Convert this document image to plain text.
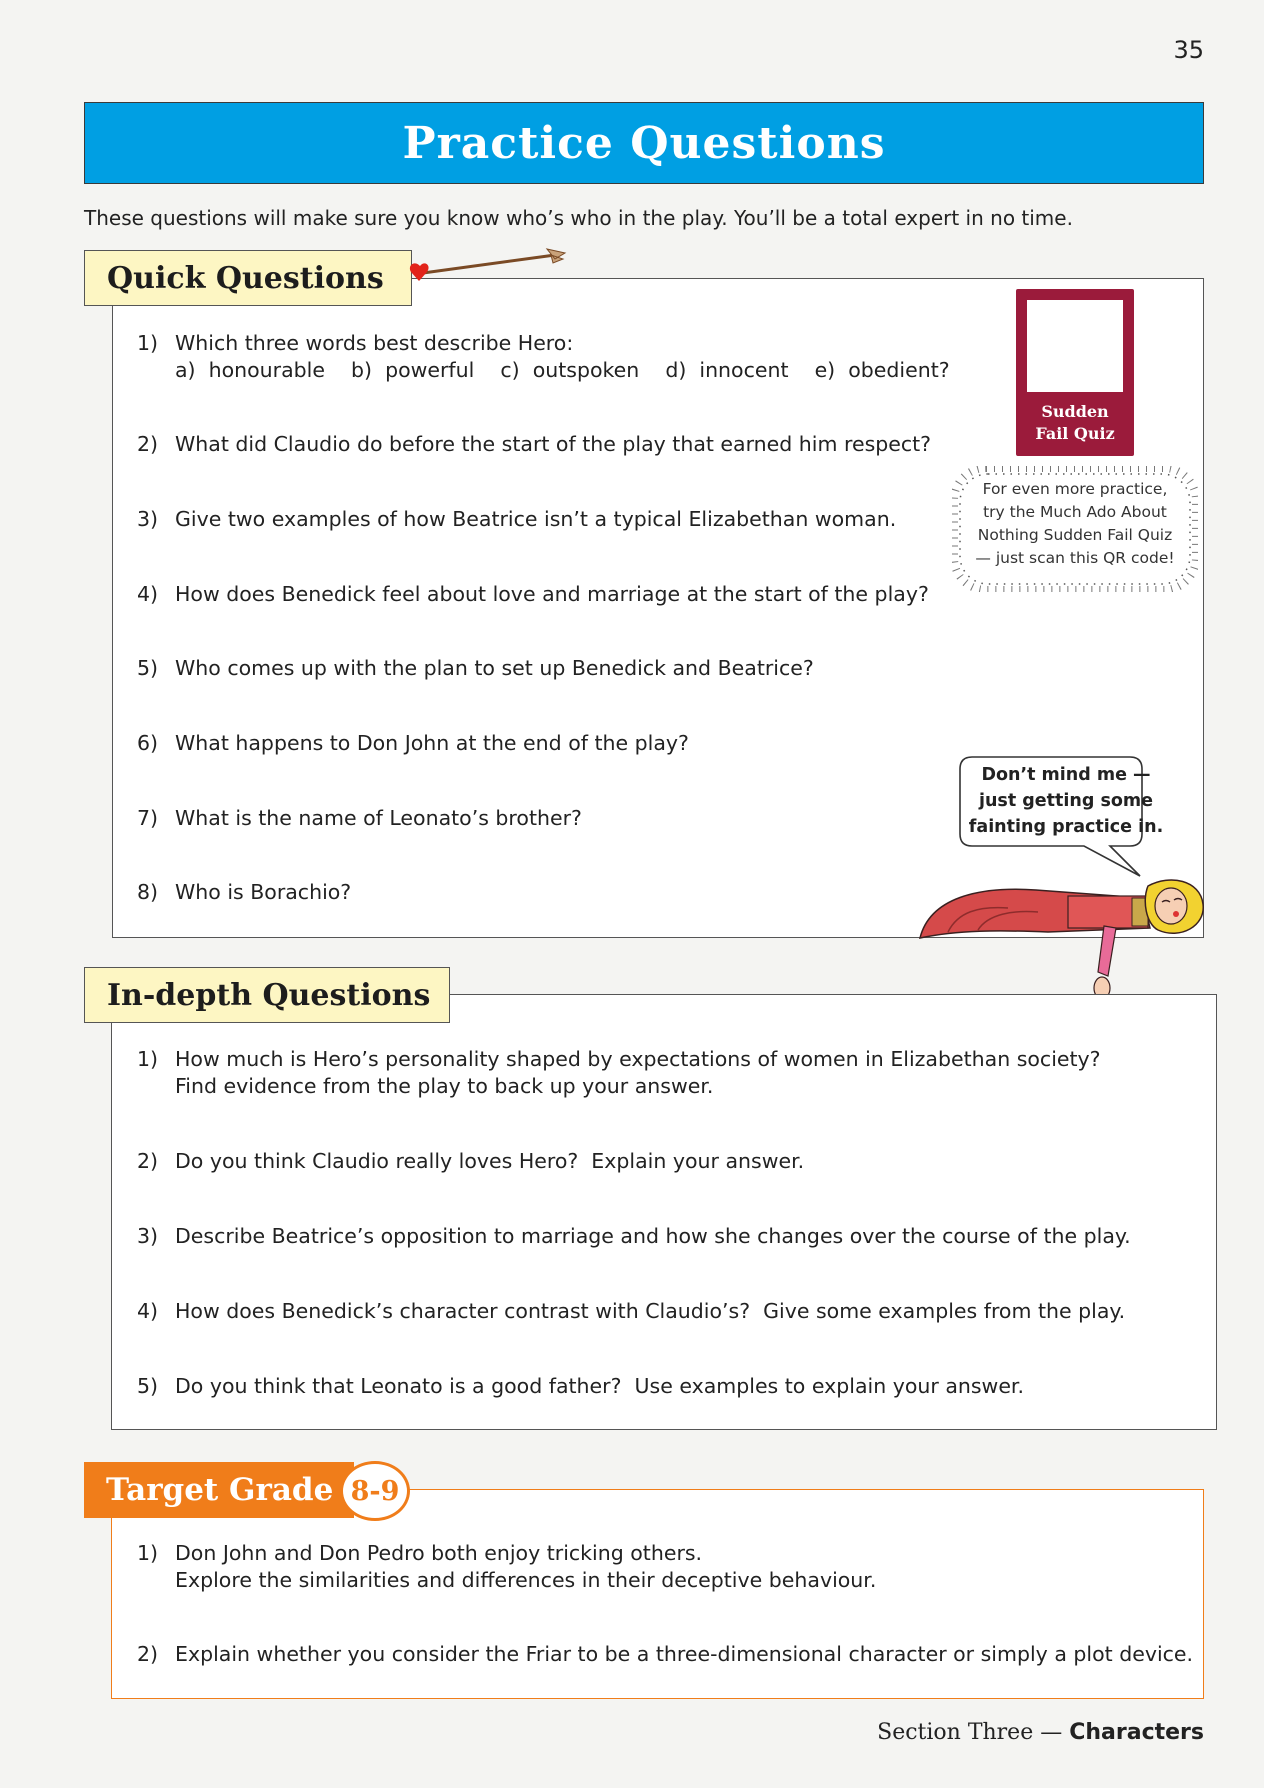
35
Practice Questions
These questions will make sure you know who’s who in the play. You’ll be a total expert in no time.
Quick Questions
1) Which three words best describe Hero:
a)  honourable    b)  powerful    c)  outspoken    d)  innocent    e)  obedient?
2) What did Claudio do before the start of the play that earned him respect?
3) Give two examples of how Beatrice isn’t a typical Elizabethan woman.
4) How does Benedick feel about love and marriage at the start of the play?
5) Who comes up with the plan to set up Benedick and Beatrice?
6) What happens to Don John at the end of the play?
7) What is the name of Leonato’s brother?
8) Who is Borachio?
Sudden
Fail Quiz
For even more practice,
try the Much Ado About
Nothing Sudden Fail Quiz
— just scan this QR code!
Don’t mind me —
just getting some
fainting practice in.
In-depth Questions
1) How much is Hero’s personality shaped by expectations of women in Elizabethan society?
Find evidence from the play to back up your answer.
2) Do you think Claudio really loves Hero?  Explain your answer.
3) Describe Beatrice’s opposition to marriage and how she changes over the course of the play.
4) How does Benedick’s character contrast with Claudio’s?  Give some examples from the play.
5) Do you think that Leonato is a good father?  Use examples to explain your answer.
Target Grade 8-9
1) Don John and Don Pedro both enjoy tricking others.
Explore the similarities and differences in their deceptive behaviour.
2) Explain whether you consider the Friar to be a three-dimensional character or simply a plot device.
Section Three — Characters
